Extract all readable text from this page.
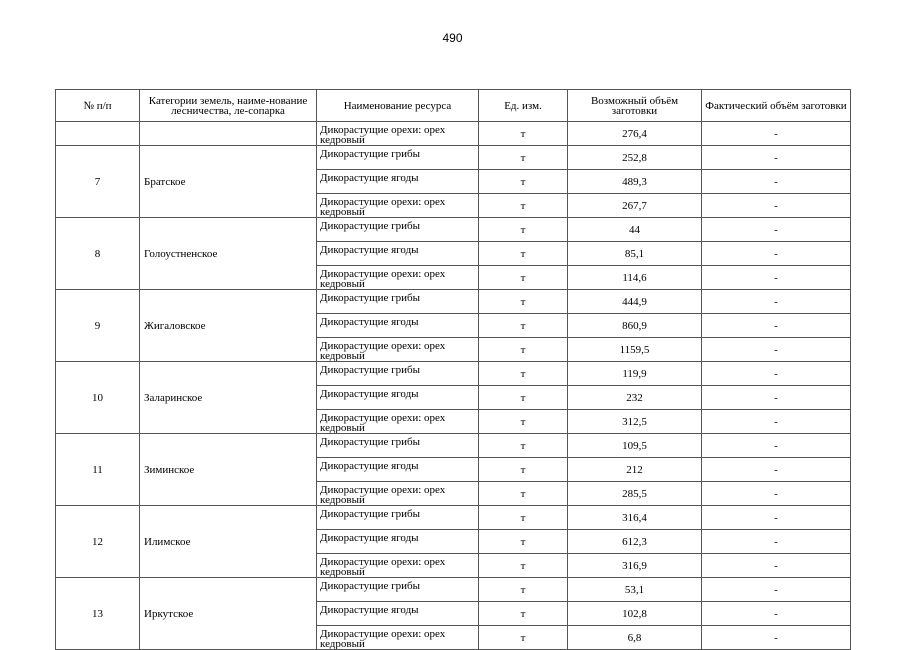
490
№ п/п	Категории земель, наиме-нование лесничества, ле-сопарка	Наименование ресурса	Ед. изм.	Возможный объём заготовки	Фактический объём заготовки
		Дикорастущие орехи: орех кедровый	т	276,4	-
7	Братское	Дикорастущие грибы	т	252,8	-
		Дикорастущие ягоды	т	489,3	-
		Дикорастущие орехи: орех кедровый	т	267,7	-
8	Голоустненское	Дикорастущие грибы	т	44	-
		Дикорастущие ягоды	т	85,1	-
		Дикорастущие орехи: орех кедровый	т	114,6	-
9	Жигаловское	Дикорастущие грибы	т	444,9	-
		Дикорастущие ягоды	т	860,9	-
		Дикорастущие орехи: орех кедровый	т	1159,5	-
10	Заларинское	Дикорастущие грибы	т	119,9	-
		Дикорастущие ягоды	т	232	-
		Дикорастущие орехи: орех кедровый	т	312,5	-
11	Зиминское	Дикорастущие грибы	т	109,5	-
		Дикорастущие ягоды	т	212	-
		Дикорастущие орехи: орех кедровый	т	285,5	-
12	Илимское	Дикорастущие грибы	т	316,4	-
		Дикорастущие ягоды	т	612,3	-
		Дикорастущие орехи: орех кедровый	т	316,9	-
13	Иркутское	Дикорастущие грибы	т	53,1	-
		Дикорастущие ягоды	т	102,8	-
		Дикорастущие орехи: орех кедровый	т	6,8	-
